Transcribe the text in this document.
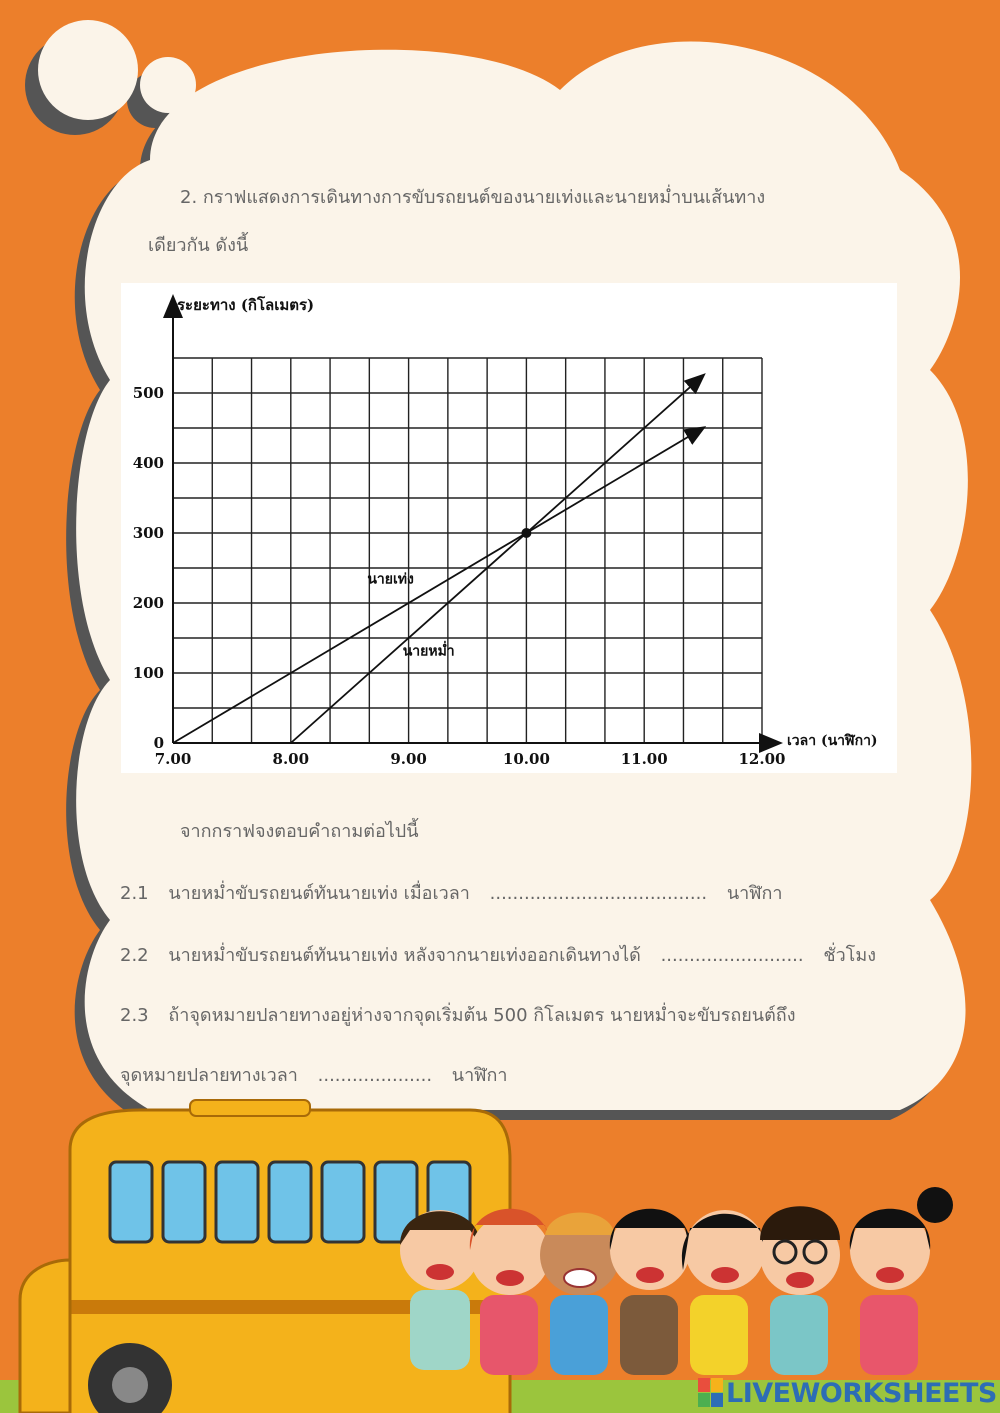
2. กราฟแสดงการเดินทางการขับรถยนต์ของนายเท่งและนายหม่ำบนเส้นทาง
เดียวกัน ดังนี้
7.00	8.00	9.00	10.00	11.00	12.00
0
100
200
300
400
500
นายเท่ง
นายหม่ำ
ระยะทาง (กิโลเมตร)
เวลา (นาฬิกา)
จากกราฟจงตอบคำถามต่อไปนี้
2.1 นายหม่ำขับรถยนต์ทันนายเท่ง เมื่อเวลา ...................................... นาฬิกา
2.2 นายหม่ำขับรถยนต์ทันนายเท่ง หลังจากนายเท่งออกเดินทางได้ ......................... ชั่วโมง
2.3 ถ้าจุดหมายปลายทางอยู่ห่างจากจุดเริ่มต้น 500 กิโลเมตร นายหม่ำจะขับรถยนต์ถึง
จุดหมายปลายทางเวลา .................... นาฬิกา
LIVEWORKSHEETS
